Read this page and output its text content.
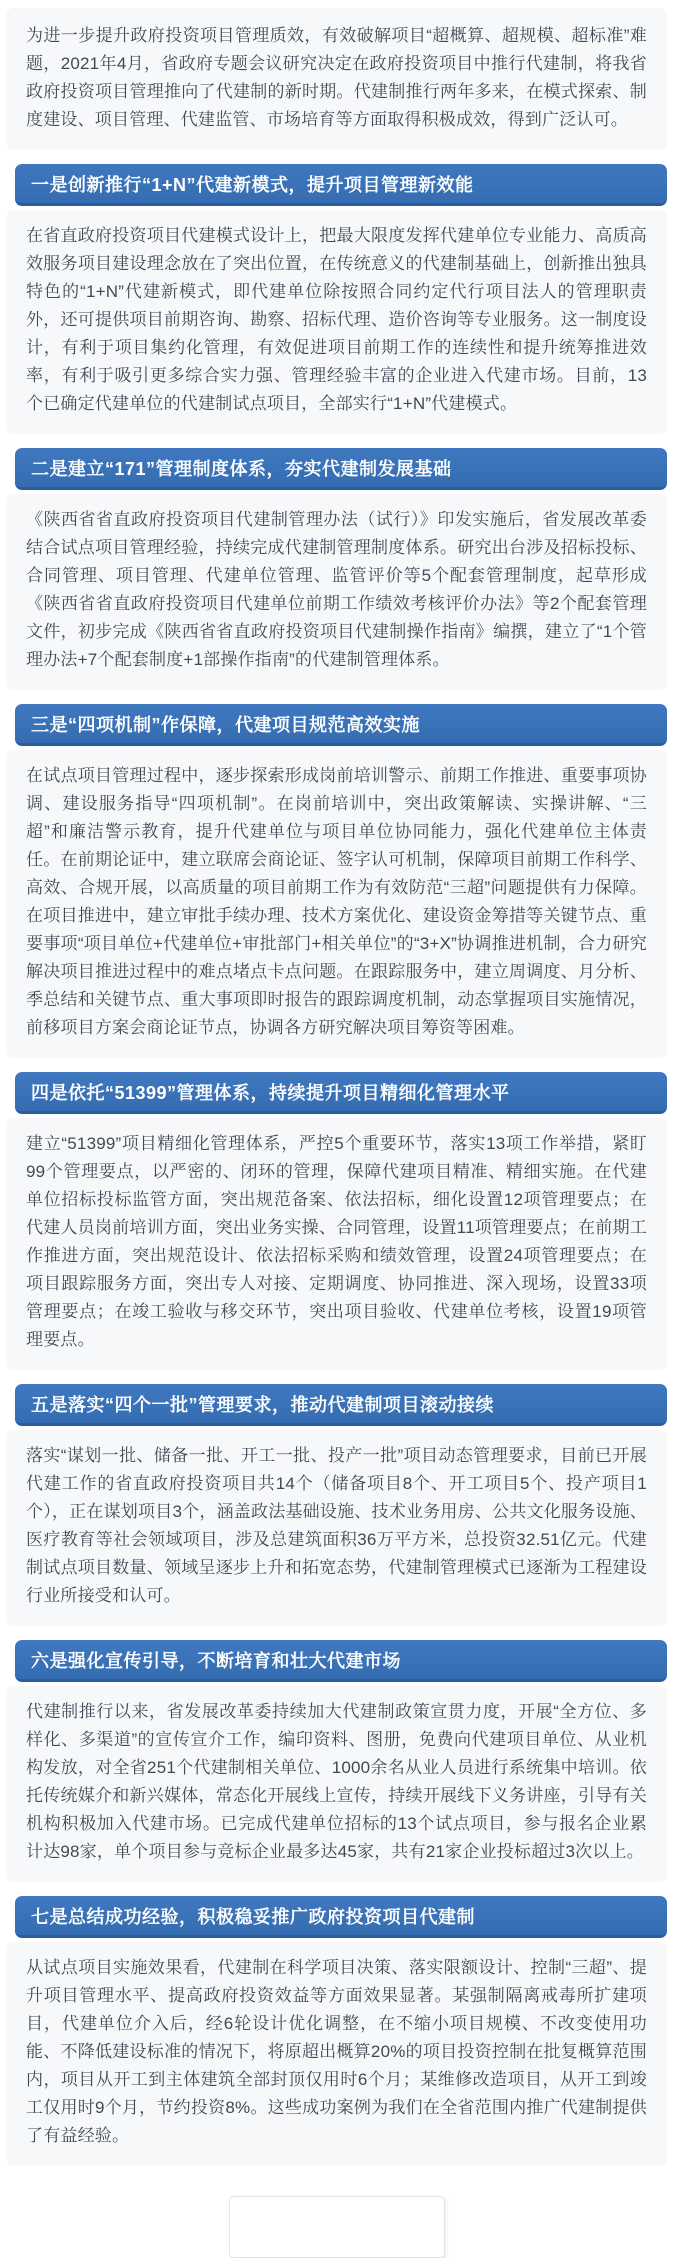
为进一步提升政府投资项目管理质效，有效破解项目“超概算、超规模、超标准”难题，2021年4月，省政府专题会议研究决定在政府投资项目中推行代建制，将我省政府投资项目管理推向了代建制的新时期。代建制推行两年多来，在模式探索、制度建设、项目管理、代建监管、市场培育等方面取得积极成效，得到广泛认可。
一是创新推行“1+N”代建新模式，提升项目管理新效能
在省直政府投资项目代建模式设计上，把最大限度发挥代建单位专业能力、高质高效服务项目建设理念放在了突出位置，在传统意义的代建制基础上，创新推出独具特色的“1+N”代建新模式，即代建单位除按照合同约定代行项目法人的管理职责外，还可提供项目前期咨询、勘察、招标代理、造价咨询等专业服务。这一制度设计，有利于项目集约化管理，有效促进项目前期工作的连续性和提升统筹推进效率，有利于吸引更多综合实力强、管理经验丰富的企业进入代建市场。目前，13个已确定代建单位的代建制试点项目，全部实行“1+N”代建模式。
二是建立“171”管理制度体系，夯实代建制发展基础
《陕西省省直政府投资项目代建制管理办法（试行）》印发实施后，省发展改革委结合试点项目管理经验，持续完成代建制管理制度体系。研究出台涉及招标投标、合同管理、项目管理、代建单位管理、监管评价等5个配套管理制度，起草形成《陕西省省直政府投资项目代建单位前期工作绩效考核评价办法》等2个配套管理文件，初步完成《陕西省省直政府投资项目代建制操作指南》编撰，建立了“1个管理办法+7个配套制度+1部操作指南”的代建制管理体系。
三是“四项机制”作保障，代建项目规范高效实施
在试点项目管理过程中，逐步探索形成岗前培训警示、前期工作推进、重要事项协调、建设服务指导“四项机制”。在岗前培训中，突出政策解读、实操讲解、“三超”和廉洁警示教育，提升代建单位与项目单位协同能力，强化代建单位主体责任。在前期论证中，建立联席会商论证、签字认可机制，保障项目前期工作科学、高效、合规开展，以高质量的项目前期工作为有效防范“三超”问题提供有力保障。在项目推进中，建立审批手续办理、技术方案优化、建设资金筹措等关键节点、重要事项“项目单位+代建单位+审批部门+相关单位”的“3+X”协调推进机制，合力研究解决项目推进过程中的难点堵点卡点问题。在跟踪服务中，建立周调度、月分析、季总结和关键节点、重大事项即时报告的跟踪调度机制，动态掌握项目实施情况，前移项目方案会商论证节点，协调各方研究解决项目筹资等困难。
四是依托“51399”管理体系，持续提升项目精细化管理水平
建立“51399”项目精细化管理体系，严控5个重要环节，落实13项工作举措，紧盯99个管理要点，以严密的、闭环的管理，保障代建项目精准、精细实施。在代建单位招标投标监管方面，突出规范备案、依法招标，细化设置12项管理要点；在代建人员岗前培训方面，突出业务实操、合同管理，设置11项管理要点；在前期工作推进方面，突出规范设计、依法招标采购和绩效管理，设置24项管理要点；在项目跟踪服务方面，突出专人对接、定期调度、协同推进、深入现场，设置33项管理要点；在竣工验收与移交环节，突出项目验收、代建单位考核，设置19项管理要点。
五是落实“四个一批”管理要求，推动代建制项目滚动接续
落实“谋划一批、储备一批、开工一批、投产一批”项目动态管理要求，目前已开展代建工作的省直政府投资项目共14个（储备项目8个、开工项目5个、投产项目1个），正在谋划项目3个，涵盖政法基础设施、技术业务用房、公共文化服务设施、医疗教育等社会领域项目，涉及总建筑面积36万平方米，总投资32.51亿元。代建制试点项目数量、领域呈逐步上升和拓宽态势，代建制管理模式已逐渐为工程建设行业所接受和认可。
六是强化宣传引导，不断培育和壮大代建市场
代建制推行以来，省发展改革委持续加大代建制政策宣贯力度，开展“全方位、多样化、多渠道”的宣传宣介工作，编印资料、图册，免费向代建项目单位、从业机构发放，对全省251个代建制相关单位、1000余名从业人员进行系统集中培训。依托传统媒介和新兴媒体，常态化开展线上宣传，持续开展线下义务讲座，引导有关机构积极加入代建市场。已完成代建单位招标的13个试点项目，参与报名企业累计达98家，单个项目参与竞标企业最多达45家，共有21家企业投标超过3次以上。
七是总结成功经验，积极稳妥推广政府投资项目代建制
从试点项目实施效果看，代建制在科学项目决策、落实限额设计、控制“三超”、提升项目管理水平、提高政府投资效益等方面效果显著。某强制隔离戒毒所扩建项目，代建单位介入后，经6轮设计优化调整，在不缩小项目规模、不改变使用功能、不降低建设标准的情况下，将原超出概算20%的项目投资控制在批复概算范围内，项目从开工到主体建筑全部封顶仅用时6个月；某维修改造项目，从开工到竣工仅用时9个月，节约投资8%。这些成功案例为我们在全省范围内推广代建制提供了有益经验。
